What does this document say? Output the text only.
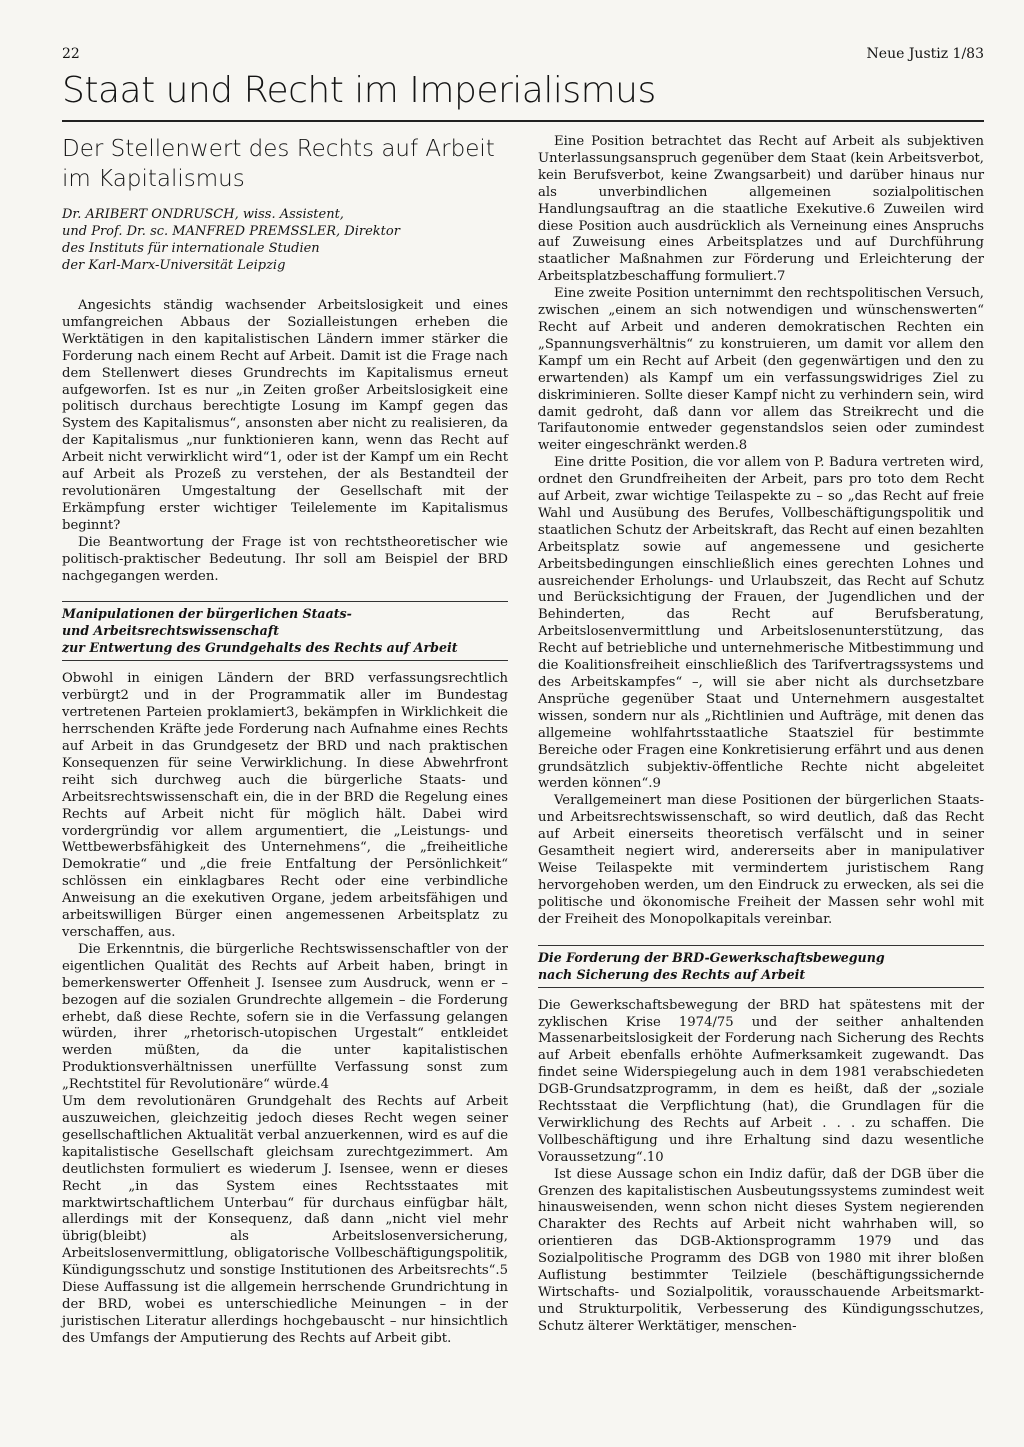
22	Neue Justiz 1/83
Staat und Recht im Imperialismus
Der Stellenwert des Rechts auf Arbeit
im Kapitalismus
Dr. ARIBERT ONDRUSCH, wiss. Assistent,
und Prof. Dr. sc. MANFRED PREMSSLER, Direktor
des Instituts für internationale Studien
der Karl-Marx-Universität Leipzig

Angesichts ständig wachsender Arbeitslosigkeit und eines umfangreichen Abbaus der Sozialleistungen erheben die Werktätigen in den kapitalistischen Ländern immer stärker die Forderung nach einem Recht auf Arbeit. Damit ist die Frage nach dem Stellenwert dieses Grundrechts im Kapitalismus erneut aufgeworfen. Ist es nur „in Zeiten großer Arbeitslosigkeit eine politisch durchaus berechtigte Losung im Kampf gegen das System des Kapitalismus“, ansonsten aber nicht zu realisieren, da der Kapitalismus „nur funktionieren kann, wenn das Recht auf Arbeit nicht verwirklicht wird“1, oder ist der Kampf um ein Recht auf Arbeit als Prozeß zu verstehen, der als Bestandteil der revolutionären Umgestaltung der Gesellschaft mit der Erkämpfung erster wichtiger Teilelemente im Kapitalismus beginnt?

Die Beantwortung der Frage ist von rechtstheoretischer wie politisch-praktischer Bedeutung. Ihr soll am Beispiel der BRD nachgegangen werden.

Manipulationen der bürgerlichen Staats-
und Arbeitsrechtswissenschaft
zur Entwertung des Grundgehalts des Rechts auf Arbeit

Obwohl in einigen Ländern der BRD verfassungsrechtlich verbürgt2 und in der Programmatik aller im Bundestag vertretenen Parteien proklamiert3, bekämpfen in Wirklichkeit die herrschenden Kräfte jede Forderung nach Aufnahme eines Rechts auf Arbeit in das Grundgesetz der BRD und nach praktischen Konsequenzen für seine Verwirklichung. In diese Abwehrfront reiht sich durchweg auch die bürgerliche Staats- und Arbeitsrechtswissenschaft ein, die in der BRD die Regelung eines Rechts auf Arbeit nicht für möglich hält. Dabei wird vordergründig vor allem argumentiert, die „Leistungs- und Wettbewerbsfähigkeit des Unternehmens“, die „freiheitliche Demokratie“ und „die freie Entfaltung der Persönlichkeit“ schlössen ein einklagbares Recht oder eine verbindliche Anweisung an die exekutiven Organe, jedem arbeitsfähigen und arbeitswilligen Bürger einen angemessenen Arbeitsplatz zu verschaffen, aus.

Die Erkenntnis, die bürgerliche Rechtswissenschaftler von der eigentlichen Qualität des Rechts auf Arbeit haben, bringt in bemerkenswerter Offenheit J. Isensee zum Ausdruck, wenn er – bezogen auf die sozialen Grundrechte allgemein – die Forderung erhebt, daß diese Rechte, sofern sie in die Verfassung gelangen würden, ihrer „rhetorisch-utopischen Urgestalt“ entkleidet werden müßten, da die unter kapitalistischen Produktionsverhältnissen unerfüllte Verfassung sonst zum „Rechtstitel für Revolutionäre“ würde.4

Um dem revolutionären Grundgehalt des Rechts auf Arbeit auszuweichen, gleichzeitig jedoch dieses Recht wegen seiner gesellschaftlichen Aktualität verbal anzuerkennen, wird es auf die kapitalistische Gesellschaft gleichsam zurechtgezimmert. Am deutlichsten formuliert es wiederum J. Isensee, wenn er dieses Recht „in das System eines Rechtsstaates mit marktwirtschaftlichem Unterbau“ für durchaus einfügbar hält, allerdings mit der Konsequenz, daß dann „nicht viel mehr übrig(bleibt) als Arbeitslosenversicherung, Arbeitslosenvermittlung, obligatorische Vollbeschäftigungspolitik, Kündigungsschutz und sonstige Institutionen des Arbeitsrechts“.5 Diese Auffassung ist die allgemein herrschende Grundrichtung in der BRD, wobei es unterschiedliche Meinungen – in der juristischen Literatur allerdings hochgebauscht – nur hinsichtlich des Umfangs der Amputierung des Rechts auf Arbeit gibt.

Eine Position betrachtet das Recht auf Arbeit als subjektiven Unterlassungsanspruch gegenüber dem Staat (kein Arbeitsverbot, kein Berufsverbot, keine Zwangsarbeit) und darüber hinaus nur als unverbindlichen allgemeinen sozialpolitischen Handlungsauftrag an die staatliche Exekutive.6 Zuweilen wird diese Position auch ausdrücklich als Verneinung eines Anspruchs auf Zuweisung eines Arbeitsplatzes und auf Durchführung staatlicher Maßnahmen zur Förderung und Erleichterung der Arbeitsplatzbeschaffung formuliert.7

Eine zweite Position unternimmt den rechtspolitischen Versuch, zwischen „einem an sich notwendigen und wünschenswerten“ Recht auf Arbeit und anderen demokratischen Rechten ein „Spannungsverhältnis“ zu konstruieren, um damit vor allem den Kampf um ein Recht auf Arbeit (den gegenwärtigen und den zu erwartenden) als Kampf um ein verfassungswidriges Ziel zu diskriminieren. Sollte dieser Kampf nicht zu verhindern sein, wird damit gedroht, daß dann vor allem das Streikrecht und die Tarifautonomie entweder gegenstandslos seien oder zumindest weiter eingeschränkt werden.8

Eine dritte Position, die vor allem von P. Badura vertreten wird, ordnet den Grundfreiheiten der Arbeit, pars pro toto dem Recht auf Arbeit, zwar wichtige Teilaspekte zu – so „das Recht auf freie Wahl und Ausübung des Berufes, Vollbeschäftigungspolitik und staatlichen Schutz der Arbeitskraft, das Recht auf einen bezahlten Arbeitsplatz sowie auf angemessene und gesicherte Arbeitsbedingungen einschließlich eines gerechten Lohnes und ausreichender Erholungs- und Urlaubszeit, das Recht auf Schutz und Berücksichtigung der Frauen, der Jugendlichen und der Behinderten, das Recht auf Berufsberatung, Arbeitslosenvermittlung und Arbeitslosenunterstützung, das Recht auf betriebliche und unternehmerische Mitbestimmung und die Koalitionsfreiheit einschließlich des Tarifvertragssystems und des Arbeitskampfes“ –, will sie aber nicht als durchsetzbare Ansprüche gegenüber Staat und Unternehmern ausgestaltet wissen, sondern nur als „Richtlinien und Aufträge, mit denen das allgemeine wohlfahrtsstaatliche Staatsziel für bestimmte Bereiche oder Fragen eine Konkretisierung erfährt und aus denen grundsätzlich subjektiv-öffentliche Rechte nicht abgeleitet werden können“.9

Verallgemeinert man diese Positionen der bürgerlichen Staats- und Arbeitsrechtswissenschaft, so wird deutlich, daß das Recht auf Arbeit einerseits theoretisch verfälscht und in seiner Gesamtheit negiert wird, andererseits aber in manipulativer Weise Teilaspekte mit vermindertem juristischem Rang hervorgehoben werden, um den Eindruck zu erwecken, als sei die politische und ökonomische Freiheit der Massen sehr wohl mit der Freiheit des Monopolkapitals vereinbar.

Die Forderung der BRD-Gewerkschaftsbewegung
nach Sicherung des Rechts auf Arbeit

Die Gewerkschaftsbewegung der BRD hat spätestens mit der zyklischen Krise 1974/75 und der seither anhaltenden Massenarbeitslosigkeit der Forderung nach Sicherung des Rechts auf Arbeit ebenfalls erhöhte Aufmerksamkeit zugewandt. Das findet seine Widerspiegelung auch in dem 1981 verabschiedeten DGB-Grundsatzprogramm, in dem es heißt, daß der „soziale Rechtsstaat die Verpflichtung (hat), die Grundlagen für die Verwirklichung des Rechts auf Arbeit . . . zu schaffen. Die Vollbeschäftigung und ihre Erhaltung sind dazu wesentliche Voraussetzung“.10

Ist diese Aussage schon ein Indiz dafür, daß der DGB über die Grenzen des kapitalistischen Ausbeutungssystems zumindest weit hinausweisenden, wenn schon nicht dieses System negierenden Charakter des Rechts auf Arbeit nicht wahrhaben will, so orientieren das DGB-Aktionsprogramm 1979 und das Sozialpolitische Programm des DGB von 1980 mit ihrer bloßen Auflistung bestimmter Teilziele (beschäftigungssichernde Wirtschafts- und Sozialpolitik, vorausschauende Arbeitsmarkt- und Strukturpolitik, Verbesserung des Kündigungsschutzes, Schutz älterer Werktätiger, menschen-
